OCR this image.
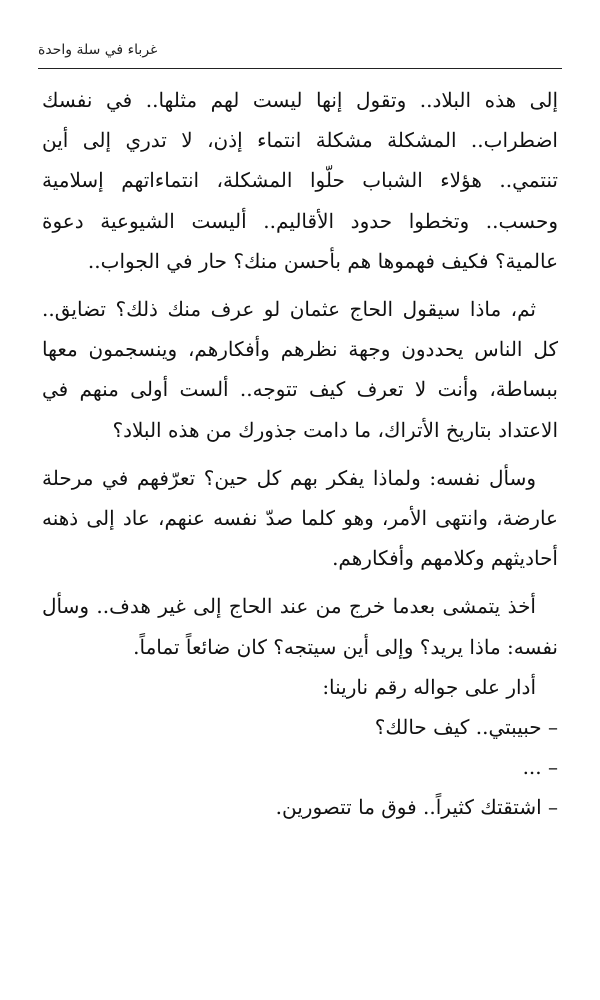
غرباء في سلة واحدة

إلى هذه البلاد.. وتقول إنها ليست لهم مثلها.. في نفسك اضطراب.. المشكلة مشكلة انتماء إذن، لا تدري إلى أين تنتمي.. هؤلاء الشباب حلّوا المشكلة، انتماءاتهم إسلامية وحسب.. وتخطوا حدود الأقاليم.. أليست الشيوعية دعوة عالمية؟ فكيف فهموها هم بأحسن منك؟ حار في الجواب..

ثم، ماذا سيقول الحاج عثمان لو عرف منك ذلك؟ تضايق.. كل الناس يحددون وجهة نظرهم وأفكارهم، وينسجمون معها ببساطة، وأنت لا تعرف كيف تتوجه.. ألست أولى منهم في الاعتداد بتاريخ الأتراك، ما دامت جذورك من هذه البلاد؟

وسأل نفسه: ولماذا يفكر بهم كل حين؟ تعرّفهم في مرحلة عارضة، وانتهى الأمر، وهو كلما صدّ نفسه عنهم، عاد إلى ذهنه أحاديثهم وكلامهم وأفكارهم.

أخذ يتمشى بعدما خرج من عند الحاج إلى غير هدف.. وسأل نفسه: ماذا يريد؟ وإلى أين سيتجه؟ كان ضائعاً تماماً.

أدار على جواله رقم نارينا:

– حبيبتي.. كيف حالك؟

– ...

– اشتقتك كثيراً.. فوق ما تتصورين.
